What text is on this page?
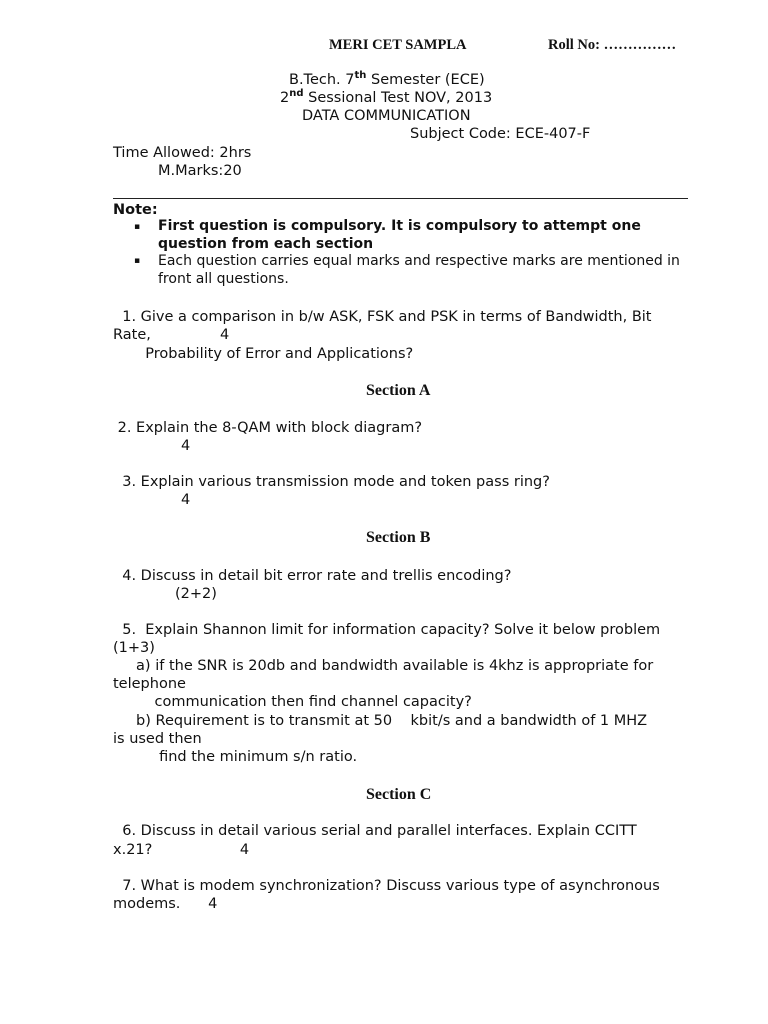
MERI CET SAMPLA	Roll No: ……………
B.Tech. 7th Semester (ECE)
2nd Sessional Test NOV, 2013
DATA COMMUNICATION
Subject Code: ECE-407-F
Time Allowed: 2hrs
M.Marks:20
Note:
▪ First question is compulsory. It is compulsory to attempt one
question from each section
▪ Each question carries equal marks and respective marks are mentioned in
front all questions.
1. Give a comparison in b/w ASK, FSK and PSK in terms of Bandwidth, Bit
Rate,               4
Probability of Error and Applications?
Section A
2. Explain the 8-QAM with block diagram?
4
3. Explain various transmission mode and token pass ring?
4
Section B
4. Discuss in detail bit error rate and trellis encoding?
(2+2)
5.  Explain Shannon limit for information capacity? Solve it below problem
(1+3)
a) if the SNR is 20db and bandwidth available is 4khz is appropriate for
telephone
communication then find channel capacity?
b) Requirement is to transmit at 50    kbit/s and a bandwidth of 1 MHZ
is used then
find the minimum s/n ratio.
Section C
6. Discuss in detail various serial and parallel interfaces. Explain CCITT
x.21?                   4
7. What is modem synchronization? Discuss various type of asynchronous
modems.      4
